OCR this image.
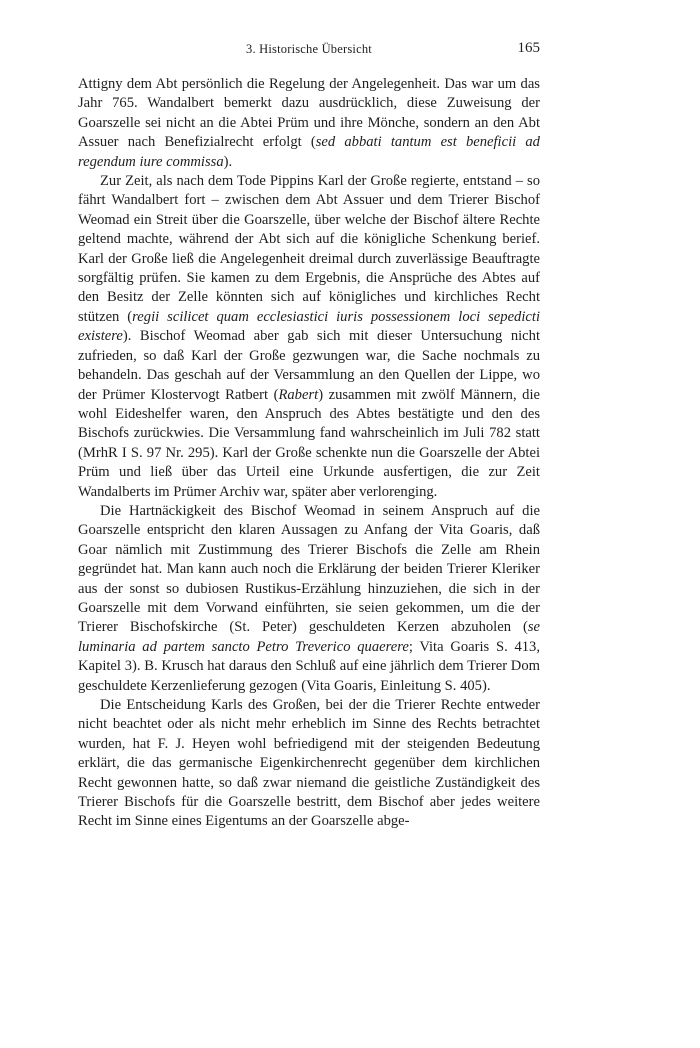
3. Historische Übersicht	165

Attigny dem Abt persönlich die Regelung der Angelegenheit. Das war um das Jahr 765. Wandalbert bemerkt dazu ausdrücklich, diese Zuweisung der Goarszelle sei nicht an die Abtei Prüm und ihre Mönche, sondern an den Abt Assuer nach Benefizialrecht erfolgt (sed abbati tantum est beneficii ad regendum iure commissa).

Zur Zeit, als nach dem Tode Pippins Karl der Große regierte, entstand – so fährt Wandalbert fort – zwischen dem Abt Assuer und dem Trierer Bischof Weomad ein Streit über die Goarszelle, über welche der Bischof ältere Rechte geltend machte, während der Abt sich auf die königliche Schenkung berief. Karl der Große ließ die Angelegenheit dreimal durch zuverlässige Beauftragte sorgfältig prüfen. Sie kamen zu dem Ergebnis, die Ansprüche des Abtes auf den Besitz der Zelle könnten sich auf königliches und kirchliches Recht stützen (regii scilicet quam ecclesiastici iuris possessionem loci sepedicti existere). Bischof Weomad aber gab sich mit dieser Untersuchung nicht zufrieden, so daß Karl der Große gezwungen war, die Sache nochmals zu behandeln. Das geschah auf der Versammlung an den Quellen der Lippe, wo der Prümer Klostervogt Ratbert (Rabert) zusammen mit zwölf Männern, die wohl Eideshelfer waren, den Anspruch des Abtes bestätigte und den des Bischofs zurückwies. Die Versammlung fand wahrscheinlich im Juli 782 statt (MrhR I S. 97 Nr. 295). Karl der Große schenkte nun die Goarszelle der Abtei Prüm und ließ über das Urteil eine Urkunde ausfertigen, die zur Zeit Wandalberts im Prümer Archiv war, später aber verlorenging.

Die Hartnäckigkeit des Bischof Weomad in seinem Anspruch auf die Goarszelle entspricht den klaren Aussagen zu Anfang der Vita Goaris, daß Goar nämlich mit Zustimmung des Trierer Bischofs die Zelle am Rhein gegründet hat. Man kann auch noch die Erklärung der beiden Trierer Kleriker aus der sonst so dubiosen Rustikus-Erzählung hinzuziehen, die sich in der Goarszelle mit dem Vorwand einführten, sie seien gekommen, um die der Trierer Bischofskirche (St. Peter) geschuldeten Kerzen abzuholen (se luminaria ad partem sancto Petro Treverico quaerere; Vita Goaris S. 413, Kapitel 3). B. Krusch hat daraus den Schluß auf eine jährlich dem Trierer Dom geschuldete Kerzenlieferung gezogen (Vita Goaris, Einleitung S. 405).

Die Entscheidung Karls des Großen, bei der die Trierer Rechte entweder nicht beachtet oder als nicht mehr erheblich im Sinne des Rechts betrachtet wurden, hat F. J. Heyen wohl befriedigend mit der steigenden Bedeutung erklärt, die das germanische Eigenkirchenrecht gegenüber dem kirchlichen Recht gewonnen hatte, so daß zwar niemand die geistliche Zuständigkeit des Trierer Bischofs für die Goarszelle bestritt, dem Bischof aber jedes weitere Recht im Sinne eines Eigentums an der Goarszelle abge-
